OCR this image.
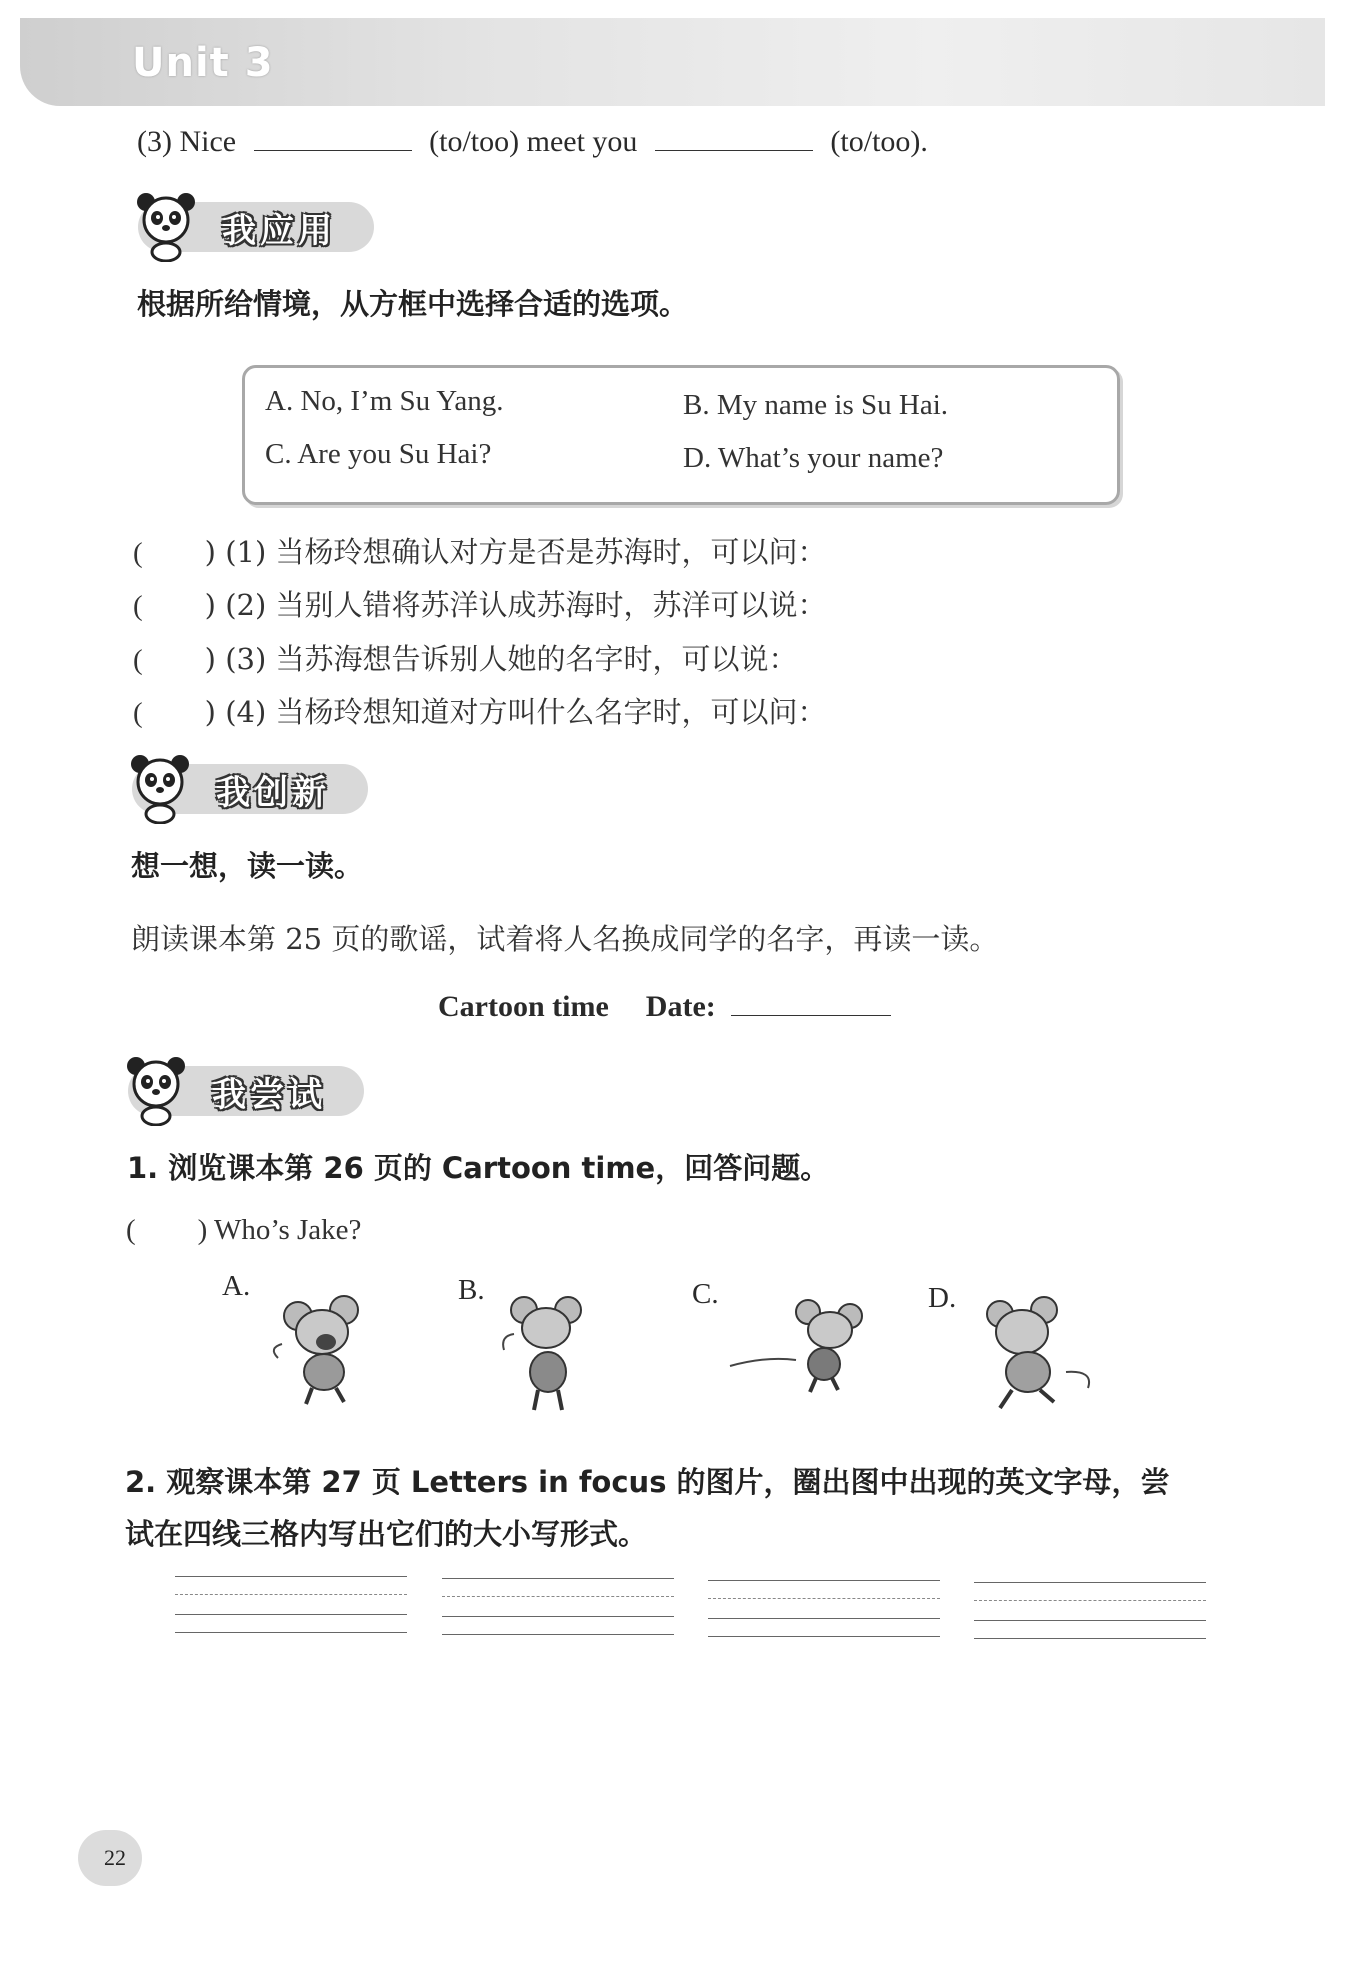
Unit 3
(3) Nice	(to/too) meet you	(to/too).
我应用
根据所给情境，从方框中选择合适的选项。
A. No, I’m Su Yang.	B. My name is Su Hai.
C. Are you Su Hai?	D. What’s your name?
( ) (1) 当杨玲想确认对方是否是苏海时，可以问：
( ) (2) 当别人错将苏洋认成苏海时，苏洋可以说：
( ) (3) 当苏海想告诉别人她的名字时，可以说：
( ) (4) 当杨玲想知道对方叫什么名字时，可以问：
我创新
想一想，读一读。
朗读课本第 25 页的歌谣，试着将人名换成同学的名字，再读一读。
Cartoon time Date:
我尝试
1. 浏览课本第 26 页的 Cartoon time，回答问题。
( ) Who’s Jake?
A.	B.	C.	D.
2. 观察课本第 27 页 Letters in focus 的图片，圈出图中出现的英文字母，尝
试在四线三格内写出它们的大小写形式。
22
